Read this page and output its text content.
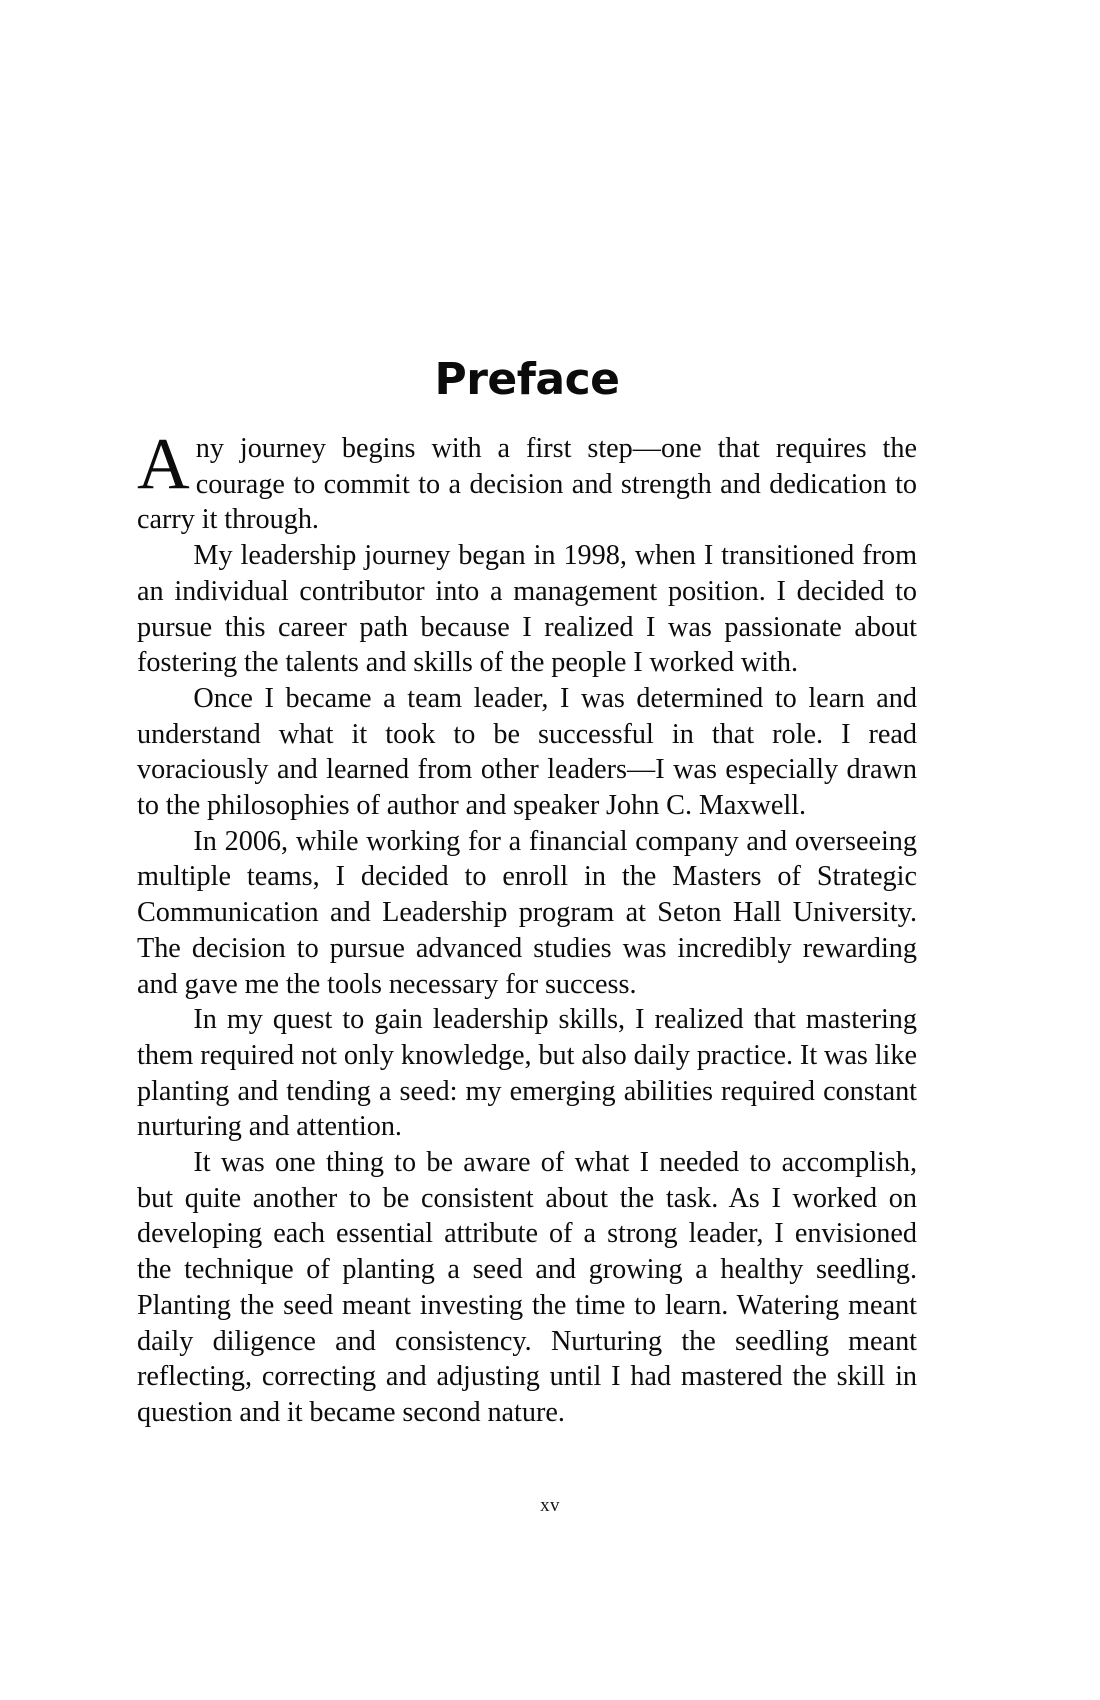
Preface

Any journey begins with a first step—one that requires the courage to commit to a decision and strength and dedication to carry it through.

My leadership journey began in 1998, when I transitioned from an individual contributor into a management position. I decided to pursue this career path because I realized I was passionate about fostering the talents and skills of the people I worked with.

Once I became a team leader, I was determined to learn and understand what it took to be successful in that role. I read voraciously and learned from other leaders—I was especially drawn to the philosophies of author and speaker John C. Maxwell.

In 2006, while working for a financial company and overseeing multiple teams, I decided to enroll in the Masters of Strategic Communication and Leadership program at Seton Hall University. The decision to pursue advanced studies was incredibly rewarding and gave me the tools necessary for success.

In my quest to gain leadership skills, I realized that mastering them required not only knowledge, but also daily practice. It was like planting and tending a seed: my emerging abilities required constant nurturing and attention.

It was one thing to be aware of what I needed to accomplish, but quite another to be consistent about the task. As I worked on developing each essential attribute of a strong leader, I envisioned the technique of planting a seed and growing a healthy seedling. Planting the seed meant investing the time to learn. Watering meant daily diligence and consistency. Nurturing the seedling meant reflecting, correcting and adjusting until I had mastered the skill in question and it became second nature.

xv
